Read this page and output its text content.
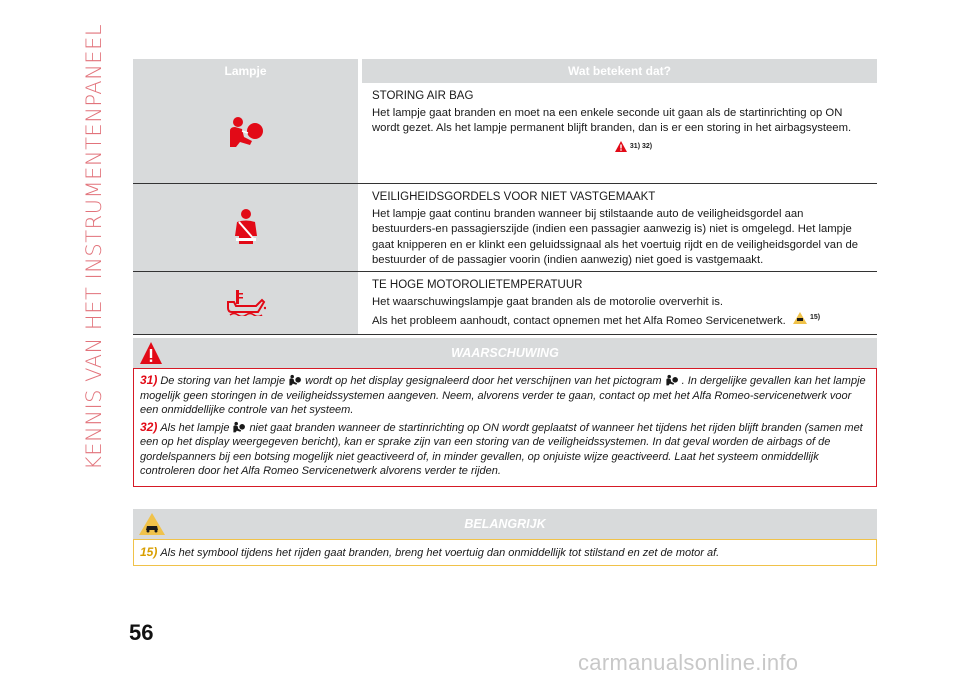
KENNIS VAN HET INSTRUMENTENPANEEL	Lampje	Wat betekent dat?
STORING AIR BAG
Het lampje gaat branden en moet na een enkele seconde uit gaan als de startinrichting op ON wordt gezet. Als het lampje permanent blijft branden, dan is er een storing in het airbagsysteem.
31) 32)
VEILIGHEIDSGORDELS VOOR NIET VASTGEMAAKT
Het lampje gaat continu branden wanneer bij stilstaande auto de veiligheidsgordel aan bestuurders-en passagierszijde (indien een passagier aanwezig is) niet is omgelegd. Het lampje gaat knipperen en er klinkt een geluidssignaal als het voertuig rijdt en de veiligheidsgordel van de bestuurder of de passagier voorin (indien aanwezig) niet goed is vastgemaakt.
TE HOGE MOTOROLIETEMPERATUUR
Het waarschuwingslampje gaat branden als de motorolie oververhit is.
Als het probleem aanhoudt, contact opnemen met het Alfa Romeo Servicenetwerk.	15)
WAARSCHUWING

31) De storing van het lampje wordt op het display gesignaleerd door het verschijnen van het pictogram . In dergelijke gevallen kan het lampje mogelijk geen storingen in de veiligheidssystemen aangeven. Neem, alvorens verder te gaan, contact op met het Alfa Romeo-servicenetwerk voor een onmiddellijke controle van het systeem.

32) Als het lampje niet gaat branden wanneer de startinrichting op ON wordt geplaatst of wanneer het tijdens het rijden blijft branden (samen met een op het display weergegeven bericht), kan er sprake zijn van een storing van de veiligheidssystemen. In dat geval worden de airbags of de gordelspanners bij een botsing mogelijk niet geactiveerd of, in minder gevallen, op onjuiste wijze geactiveerd. Laat het systeem onmiddellijk controleren door het Alfa Romeo Servicenetwerk alvorens verder te rijden.

BELANGRIJK
15) Als het symbool tijdens het rijden gaat branden, breng het voertuig dan onmiddellijk tot stilstand en zet de motor af.
56
carmanualsonline.info
